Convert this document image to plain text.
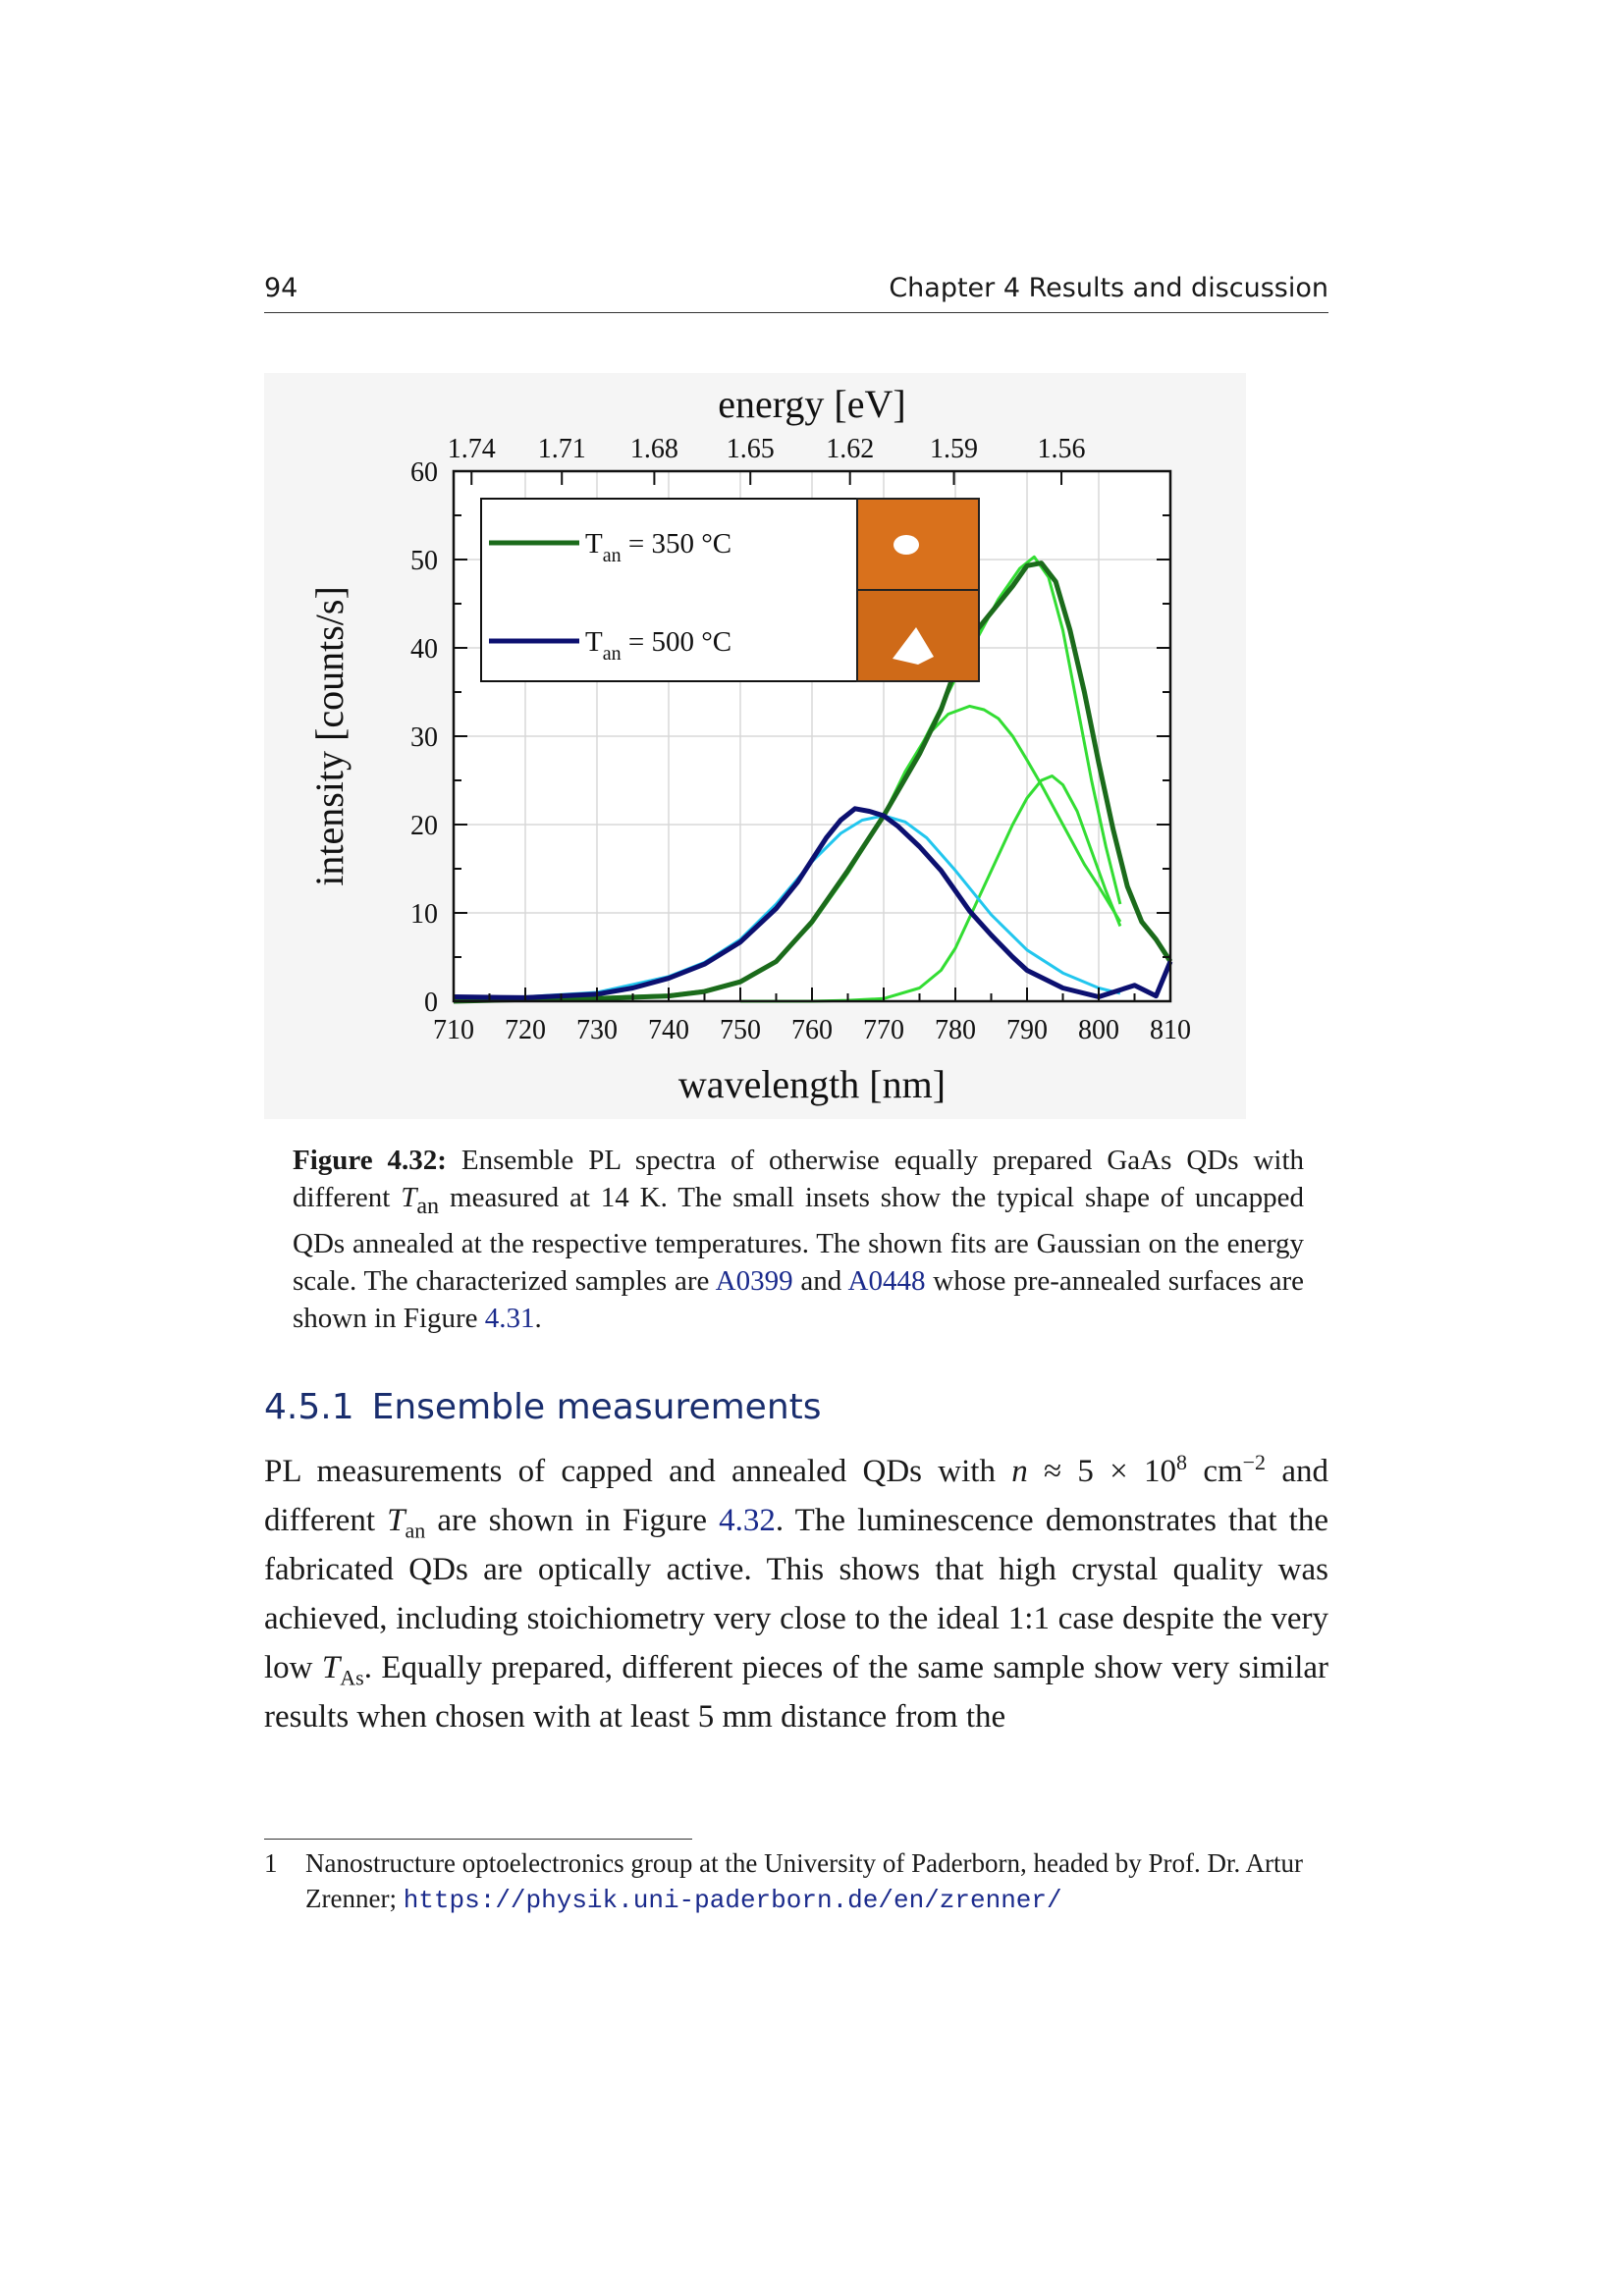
94	Chapter 4 Results and discussion
710 720 730 740 750 760 770 780 790 800 810
0
10
20
30
40
50
60
1.74 1.71 1.68 1.65 1.62 1.59 1.56
energy [eV]
wavelength [nm]
intensity [counts/s]
$T_{an} = 350$ °C
$T_{an} = 500$ °C
Figure 4.32: Ensemble PL spectra of otherwise equally prepared GaAs QDs with different $T_{an}$ measured at 14 K. The small insets show the typical shape of uncapped QDs annealed at the respective temperatures. The shown fits are Gaussian on the energy scale. The characterized samples are A0399 and A0448 whose pre-annealed surfaces are shown in Figure 4.31.
4.5.1 Ensemble measurements

PL measurements of capped and annealed QDs with $n \approx 5 \times 10^8$ $cm^{-2}$ and different $T_{an}$ are shown in Figure 4.32. The luminescence demonstrates that the fabricated QDs are optically active. This shows that high crystal quality was achieved, including stoichiometry very close to the ideal 1:1 case despite the very low $T_{As}$. Equally prepared, different pieces of the same sample show very similar results when chosen with at least 5 mm distance from the

1 Nanostructure optoelectronics group at the University of Paderborn, headed by Prof. Dr. Artur Zrenner; https://physik.uni-paderborn.de/en/zrenner/
